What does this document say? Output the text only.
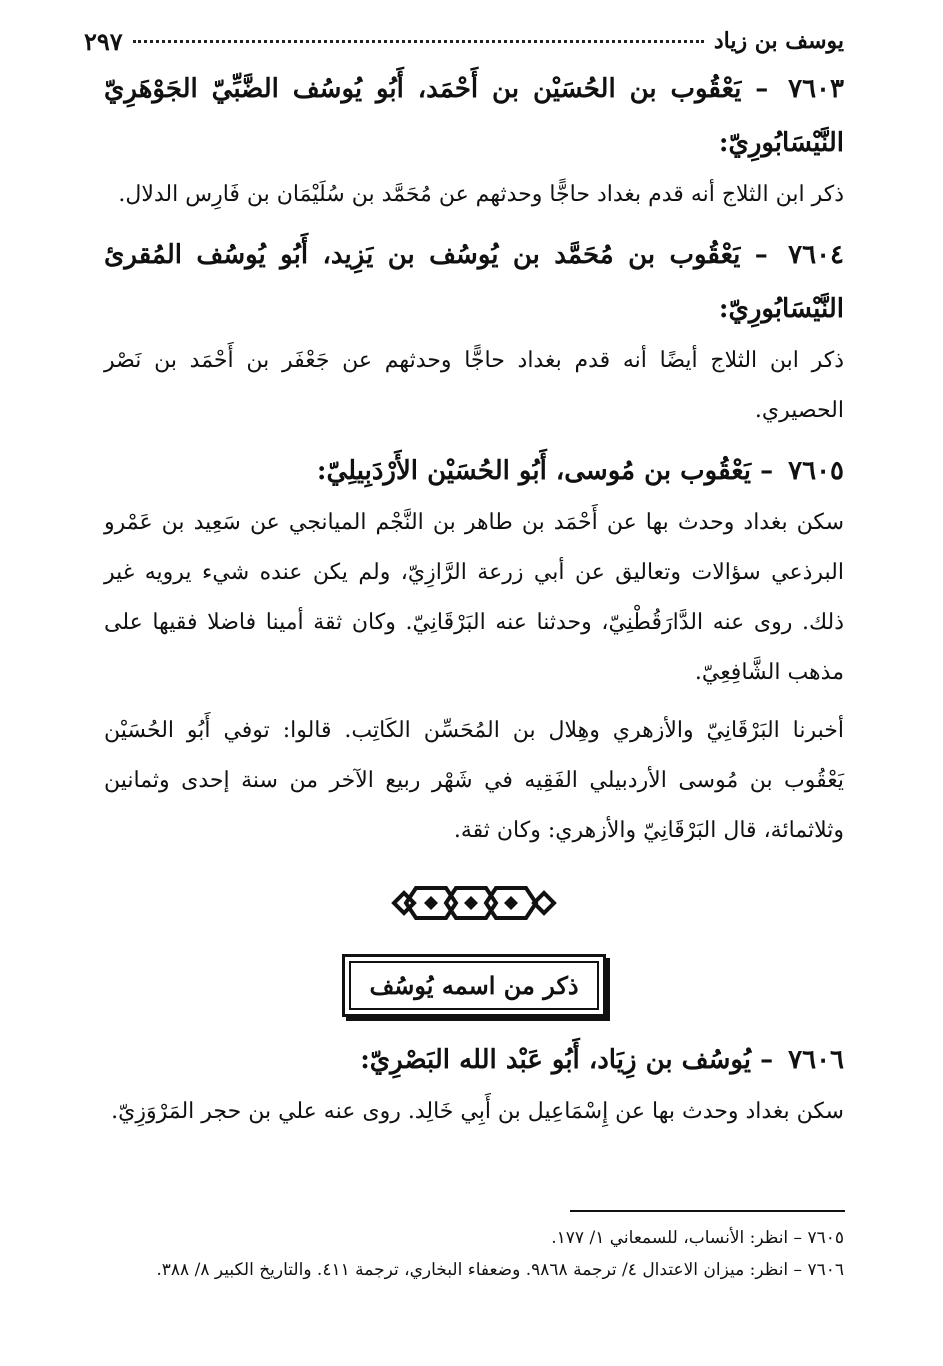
يوسف بن زياد
٢٩٧

٧٦٠٣ – يَعْقُوب بن الحُسَيْن بن أَحْمَد، أَبُو يُوسُف الضَّبِّيّ الجَوْهَرِيّ النَّيْسَابُورِيّ:

ذكر ابن الثلاج أنه قدم بغداد حاجًّا وحدثهم عن مُحَمَّد بن سُلَيْمَان بن فَارِس الدلال.

٧٦٠٤ – يَعْقُوب بن مُحَمَّد بن يُوسُف بن يَزِيد، أَبُو يُوسُف المُقرئ النَّيْسَابُورِيّ:

ذكر ابن الثلاج أيضًا أنه قدم بغداد حاجًّا وحدثهم عن جَعْفَر بن أَحْمَد بن نَصْر الحصيري.

٧٦٠٥ – يَعْقُوب بن مُوسى، أَبُو الحُسَيْن الأَرْدَبِيلِيّ:

سكن بغداد وحدث بها عن أَحْمَد بن طاهر بن النَّجْم الميانجي عن سَعِيد بن عَمْرو البرذعي سؤالات وتعاليق عن أبي زرعة الرَّازِيّ، ولم يكن عنده شيء يرويه غير ذلك. روى عنه الدَّارَقُطْنِيّ، وحدثنا عنه البَرْقَانِيّ. وكان ثقة أمينا فاضلا فقيها على مذهب الشَّافِعِيّ.

أخبرنا البَرْقَانِيّ والأزهري وهِلال بن المُحَسِّن الكَاتِب. قالوا: توفي أَبُو الحُسَيْن يَعْقُوب بن مُوسى الأردبيلي الفَقِيه في شَهْر ربيع الآخر من سنة إحدى وثمانين وثلاثمائة، قال البَرْقَانِيّ والأزهري: وكان ثقة.

ذكر من اسمه يُوسُف

٧٦٠٦ – يُوسُف بن زِيَاد، أَبُو عَبْد الله البَصْرِيّ:

سكن بغداد وحدث بها عن إِسْمَاعِيل بن أَبِي خَالِد. روى عنه علي بن حجر المَرْوَزِيّ.

٧٦٠٥ – انظر: الأنساب، للسمعاني ١/ ١٧٧.

٧٦٠٦ – انظر: ميزان الاعتدال ٤/ ترجمة ٩٨٦٨. وضعفاء البخاري، ترجمة ٤١١. والتاريخ الكبير ٨/ ٣٨٨.
